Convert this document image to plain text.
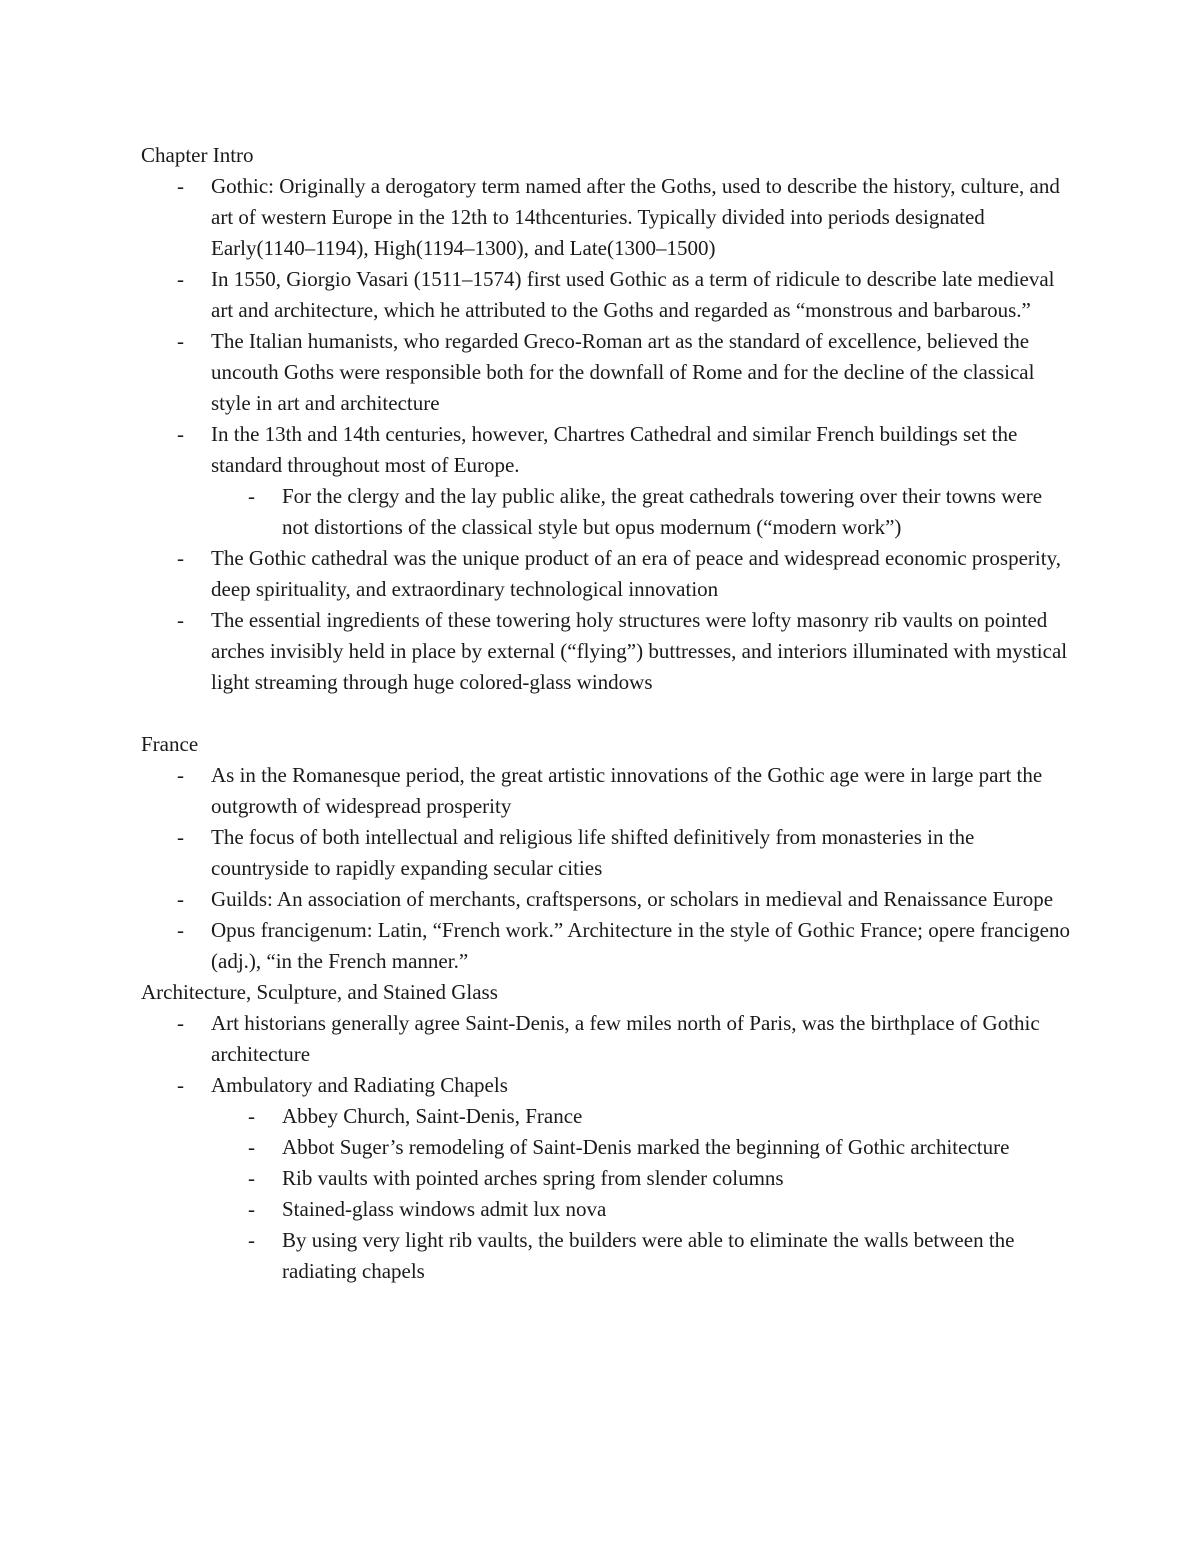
Chapter Intro
- Gothic: Originally a derogatory term named after the Goths, used to describe the history, culture, and art of western Europe in the 12th to 14thcenturies. Typically divided into periods designated Early(1140–1194), High(1194–1300), and Late(1300–1500)
- In 1550, Giorgio Vasari (1511–1574) first used Gothic as a term of ridicule to describe late medieval art and architecture, which he attributed to the Goths and regarded as “monstrous and barbarous.”
- The Italian humanists, who regarded Greco-Roman art as the standard of excellence, believed the uncouth Goths were responsible both for the downfall of Rome and for the decline of the classical style in art and architecture
- In the 13th and 14th centuries, however, Chartres Cathedral and similar French buildings set the standard throughout most of Europe.
- For the clergy and the lay public alike, the great cathedrals towering over their towns were not distortions of the classical style but opus modernum (“modern work”)
- The Gothic cathedral was the unique product of an era of peace and widespread economic prosperity, deep spirituality, and extraordinary technological innovation
- The essential ingredients of these towering holy structures were lofty masonry rib vaults on pointed arches invisibly held in place by external (“flying”) buttresses, and interiors illuminated with mystical light streaming through huge colored-glass windows
France
- As in the Romanesque period, the great artistic innovations of the Gothic age were in large part the outgrowth of widespread prosperity
- The focus of both intellectual and religious life shifted definitively from monasteries in the countryside to rapidly expanding secular cities
- Guilds: An association of merchants, craftspersons, or scholars in medieval and Renaissance Europe
- Opus francigenum: Latin, “French work.” Architecture in the style of Gothic France; opere francigeno (adj.), “in the French manner.”
Architecture, Sculpture, and Stained Glass
- Art historians generally agree Saint-Denis, a few miles north of Paris, was the birthplace of Gothic architecture
- Ambulatory and Radiating Chapels
- Abbey Church, Saint-Denis, France
- Abbot Suger’s remodeling of Saint-Denis marked the beginning of Gothic architecture
- Rib vaults with pointed arches spring from slender columns
- Stained-glass windows admit lux nova
- By using very light rib vaults, the builders were able to eliminate the walls between the radiating chapels
